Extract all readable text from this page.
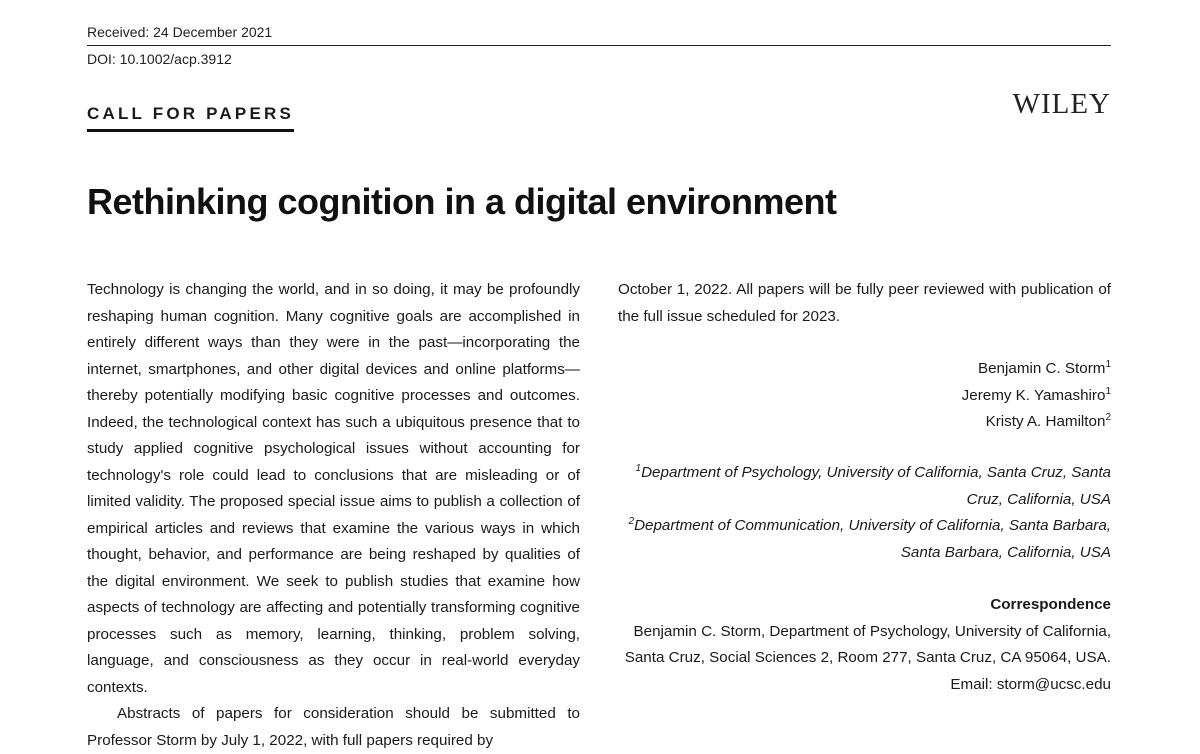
Received: 24 December 2021
DOI: 10.1002/acp.3912
CALL FOR PAPERS	WILEY
Rethinking cognition in a digital environment

Technology is changing the world, and in so doing, it may be profoundly reshaping human cognition. Many cognitive goals are accomplished in entirely different ways than they were in the past—incorporating the internet, smartphones, and other digital devices and online platforms—thereby potentially modifying basic cognitive processes and outcomes. Indeed, the technological context has such a ubiquitous presence that to study applied cognitive psychological issues without accounting for technology's role could lead to conclusions that are misleading or of limited validity. The proposed special issue aims to publish a collection of empirical articles and reviews that examine the various ways in which thought, behavior, and performance are being reshaped by qualities of the digital environment. We seek to publish studies that examine how aspects of technology are affecting and potentially transforming cognitive processes such as memory, learning, thinking, problem solving, language, and consciousness as they occur in real-world everyday contexts.

Abstracts of papers for consideration should be submitted to Professor Storm by July 1, 2022, with full papers required by

October 1, 2022. All papers will be fully peer reviewed with publication of the full issue scheduled for 2023.

Benjamin C. Storm$^1$
Jeremy K. Yamashiro$^1$
Kristy A. Hamilton$^2$
$^1$Department of Psychology, University of California, Santa Cruz, Santa Cruz, California, USA
$^2$Department of Communication, University of California, Santa Barbara, Santa Barbara, California, USA
Correspondence
Benjamin C. Storm, Department of Psychology, University of California, Santa Cruz, Social Sciences 2, Room 277, Santa Cruz, CA 95064, USA.
Email: storm@ucsc.edu
